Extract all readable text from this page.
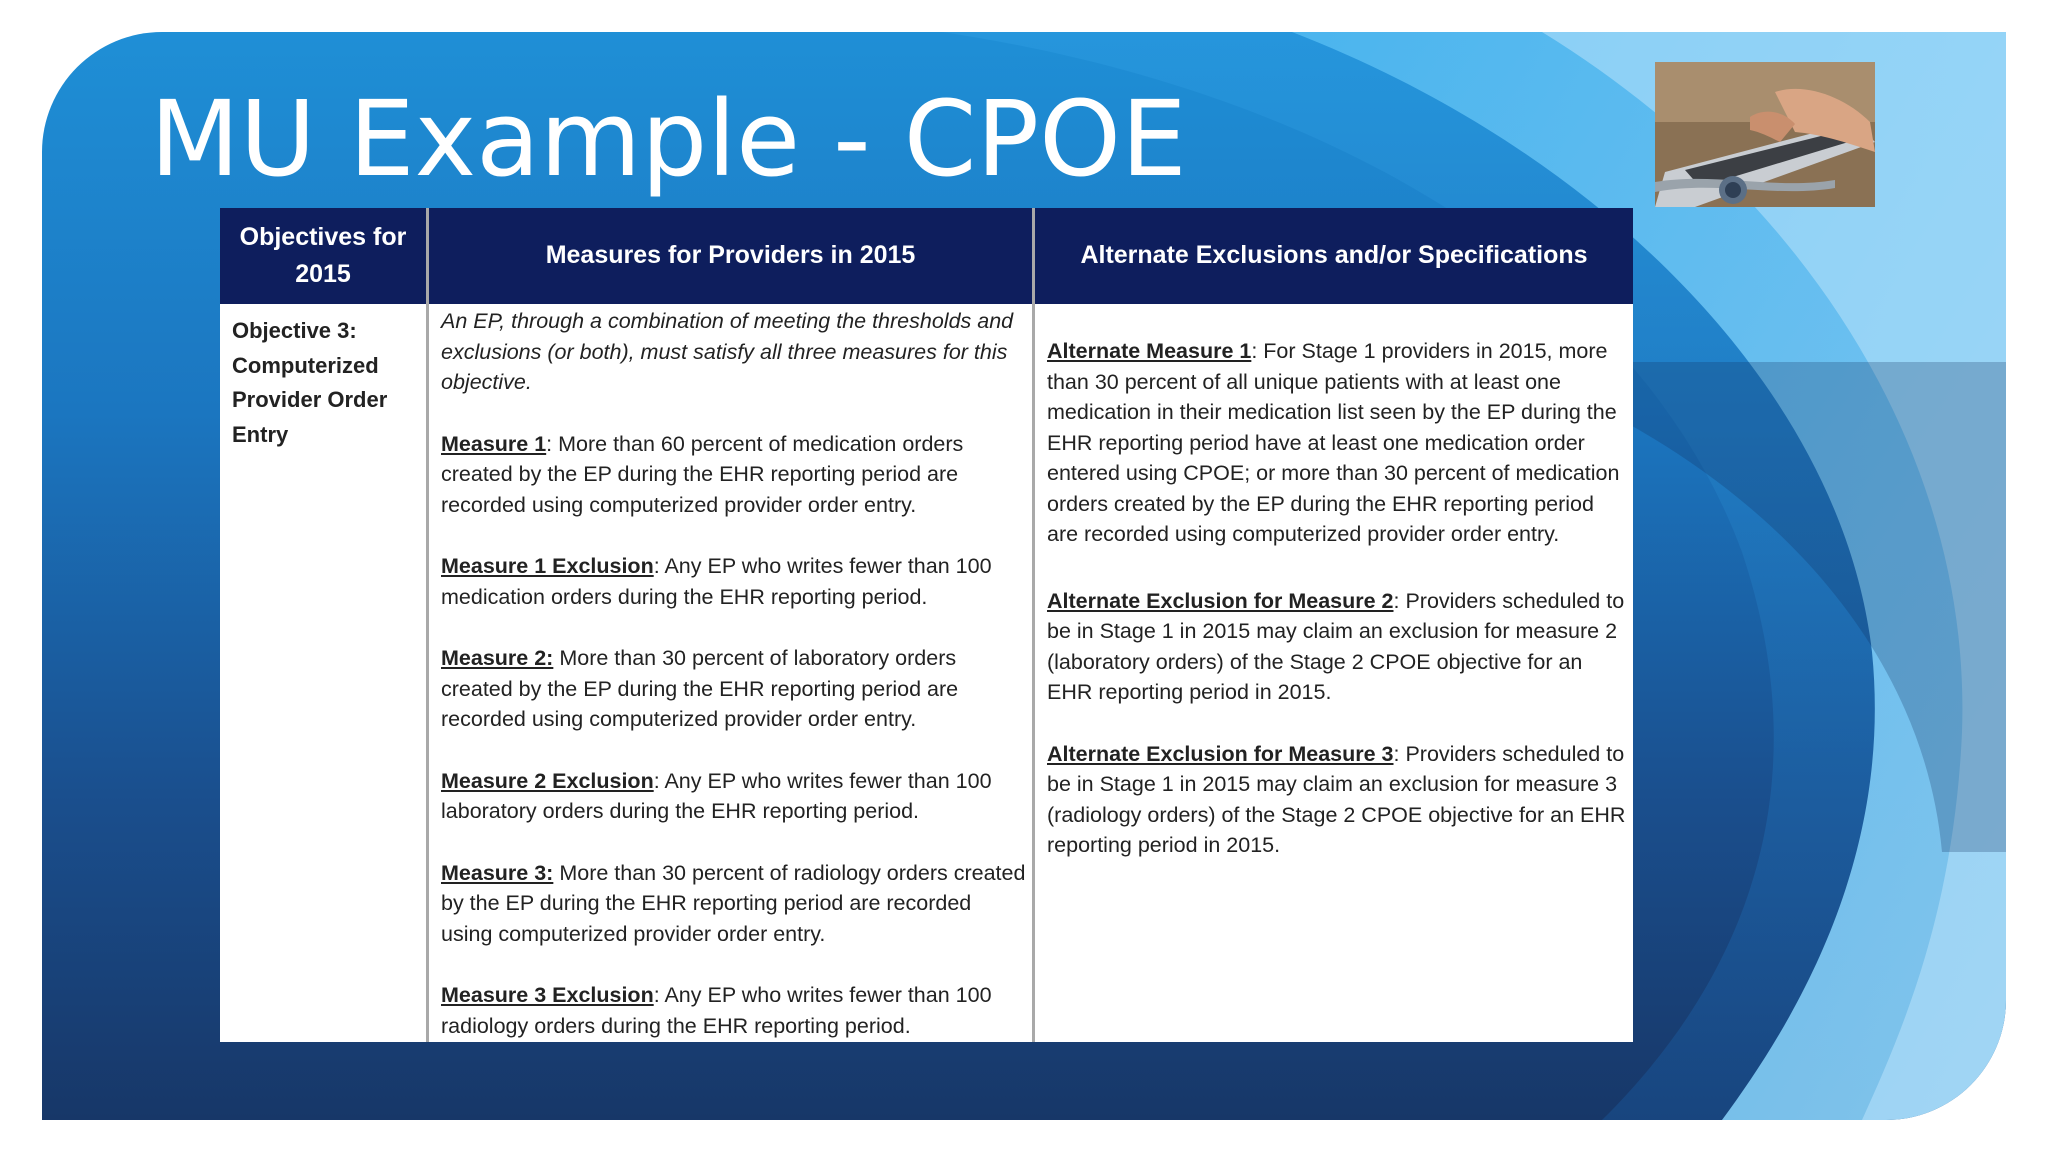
MU Example - CPOE
Objectives for 2015
Measures for Providers in 2015	Alternate Exclusions and/or Specifications
Objective 3: Computerized Provider Order Entry

An EP, through a combination of meeting the thresholds and exclusions (or both), must satisfy all three measures for this objective.

Measure 1: More than 60 percent of medication orders created by the EP during the EHR reporting period are recorded using computerized provider order entry.

Measure 1 Exclusion: Any EP who writes fewer than 100 medication orders during the EHR reporting period.

Measure 2: More than 30 percent of laboratory orders created by the EP during the EHR reporting period are recorded using computerized provider order entry.

Measure 2 Exclusion: Any EP who writes fewer than 100 laboratory orders during the EHR reporting period.

Measure 3: More than 30 percent of radiology orders created by the EP during the EHR reporting period are recorded using computerized provider order entry.

Measure 3 Exclusion: Any EP who writes fewer than 100 radiology orders during the EHR reporting period.

Alternate Measure 1: For Stage 1 providers in 2015, more than 30 percent of all unique patients with at least one medication in their medication list seen by the EP during the EHR reporting period have at least one medication order entered using CPOE; or more than 30 percent of medication orders created by the EP during the EHR reporting period are recorded using computerized provider order entry.

Alternate Exclusion for Measure 2: Providers scheduled to be in Stage 1 in 2015 may claim an exclusion for measure 2 (laboratory orders) of the Stage 2 CPOE objective for an EHR reporting period in 2015.

Alternate Exclusion for Measure 3: Providers scheduled to be in Stage 1 in 2015 may claim an exclusion for measure 3 (radiology orders) of the Stage 2 CPOE objective for an EHR reporting period in 2015.
